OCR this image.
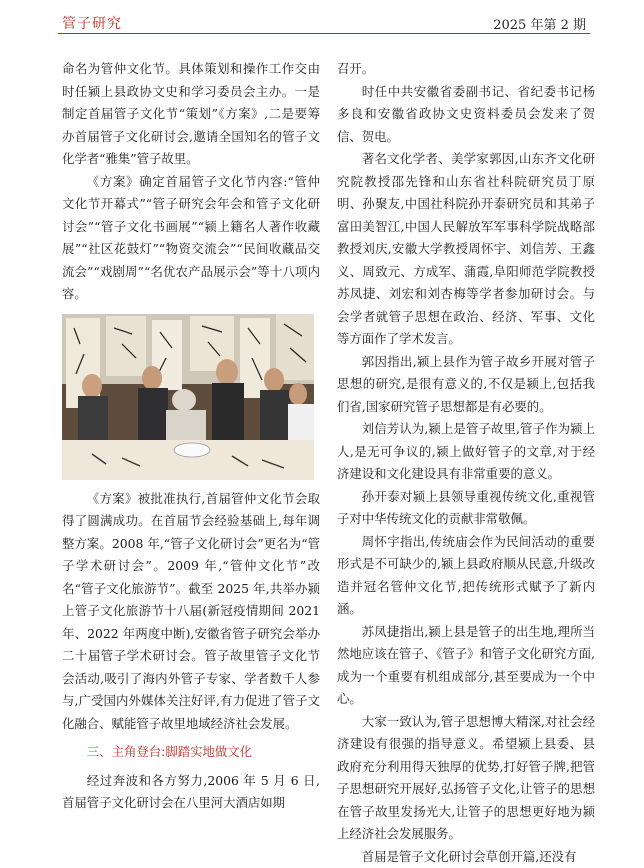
管子研究	2025 年第 2 期

命名为管仲文化节。具体策划和操作工作交由时任颍上县政协文史和学习委员会主办。一是制定首届管子文化节“策划”《方案》,二是要筹办首届管子文化研讨会,邀请全国知名的管子文化学者“雅集”管子故里。

《方案》确定首届管子文化节内容:“管仲文化节开幕式”“管子研究会年会和管子文化研讨会”“管子文化书画展”“颍上籍名人著作收藏展”“社区花鼓灯”“物资交流会”“民间收藏品交流会”“戏剧周”“名优农产品展示会”等十八项内容。

《方案》被批准执行,首届管仲文化节会取得了圆满成功。在首届节会经验基础上,每年调整方案。2008 年,“管子文化研讨会”更名为“管子学术研讨会”。2009 年,“管仲文化节”改名“管子文化旅游节”。截至 2025 年,共举办颍上管子文化旅游节十八届(新冠疫情期间 2021 年、2022 年两度中断),安徽省管子研究会举办二十届管子学术研讨会。管子故里管子文化节会活动,吸引了海内外管子专家、学者数千人参与,广受国内外媒体关注好评,有力促进了管子文化融合、赋能管子故里地域经济社会发展。

三、主角登台:脚踏实地做文化

经过奔波和各方努力,2006 年 5 月 6 日,首届管子文化研讨会在八里河大酒店如期

召开。

时任中共安徽省委副书记、省纪委书记杨多良和安徽省政协文史资料委员会发来了贺信、贺电。

著名文化学者、美学家郭因,山东齐文化研究院教授邵先锋和山东省社科院研究员丁原明、孙聚友,中国社科院孙开泰研究员和其弟子富田美智江,中国人民解放军军事科学院战略部教授刘庆,安徽大学教授周怀宇、刘信芳、王鑫义、周致元、方成军、蒲霞,阜阳师范学院教授苏凤捷、刘宏和刘杏梅等学者参加研讨会。与会学者就管子思想在政治、经济、军事、文化等方面作了学术发言。

郭因指出,颍上县作为管子故乡开展对管子思想的研究,是很有意义的,不仅是颍上,包括我们省,国家研究管子思想都是有必要的。

刘信芳认为,颍上是管子故里,管子作为颍上人,是无可争议的,颍上做好管子的文章,对于经济建设和文化建设具有非常重要的意义。

孙开泰对颍上县领导重视传统文化,重视管子对中华传统文化的贡献非常敬佩。

周怀宇指出,传统庙会作为民间活动的重要形式是不可缺少的,颍上县政府顺从民意,升级改造并冠名管仲文化节,把传统形式赋予了新内涵。

苏凤捷指出,颍上县是管子的出生地,理所当然地应该在管子、《管子》和管子文化研究方面,成为一个重要有机组成部分,甚至要成为一个中心。

大家一致认为,管子思想博大精深,对社会经济建设有很强的指导意义。希望颍上县委、县政府充分利用得天独厚的优势,打好管子牌,把管子思想研究开展好,弘扬管子文化,让管子的思想在管子故里发扬光大,让管子的思想更好地为颍上经济社会发展服务。

首届是管子文化研讨会草创开篇,还没有
